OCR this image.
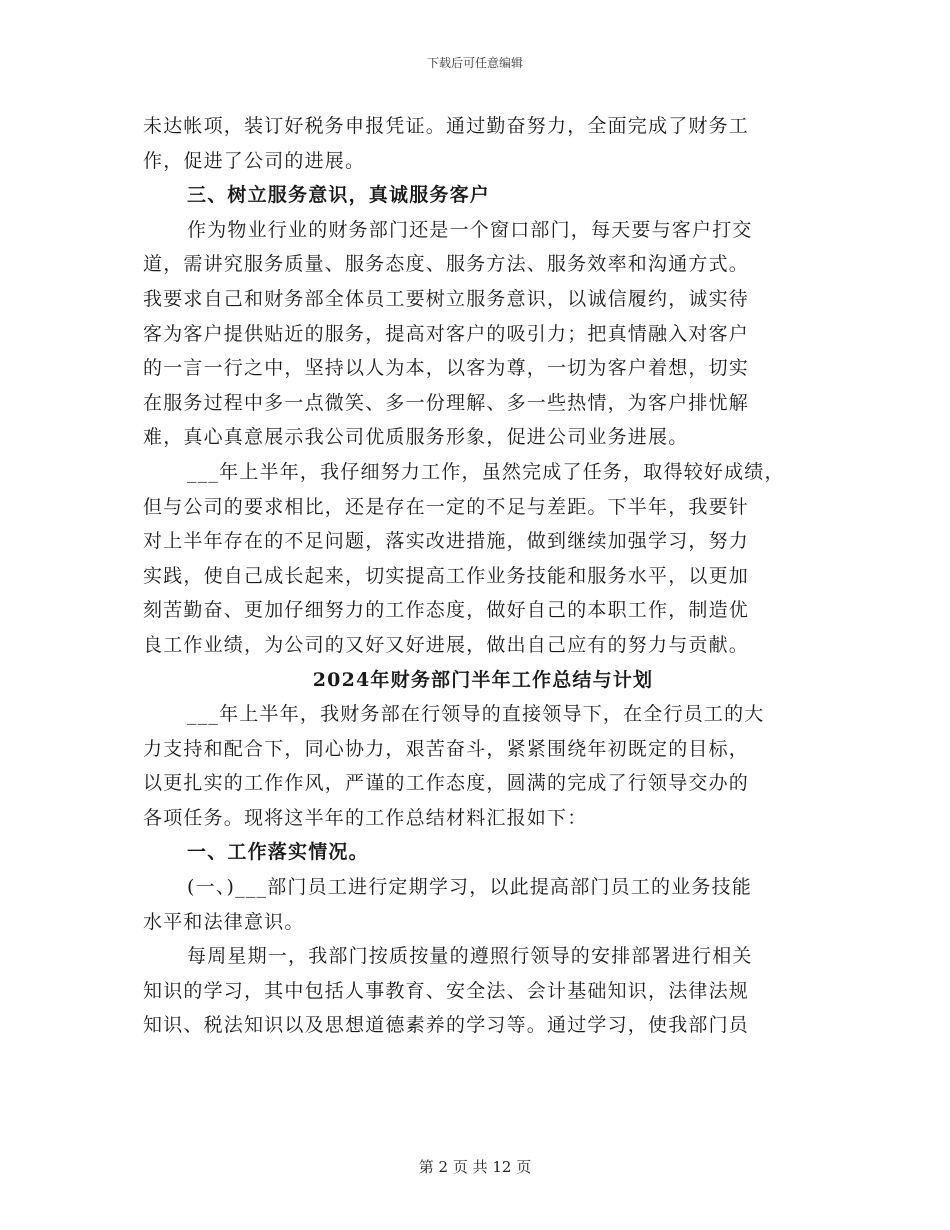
下载后可任意编辑
未达帐项，装订好税务申报凭证。通过勤奋努力，全面完成了财务工
作，促进了公司的进展。
三、树立服务意识，真诚服务客户
作为物业行业的财务部门还是一个窗口部门，每天要与客户打交
道，需讲究服务质量、服务态度、服务方法、服务效率和沟通方式。
我要求自己和财务部全体员工要树立服务意识，以诚信履约，诚实待
客为客户提供贴近的服务，提高对客户的吸引力；把真情融入对客户
的一言一行之中，坚持以人为本，以客为尊，一切为客户着想，切实
在服务过程中多一点微笑、多一份理解、多一些热情，为客户排忧解
难，真心真意展示我公司优质服务形象，促进公司业务进展。
___年上半年，我仔细努力工作，虽然完成了任务，取得较好成绩，
但与公司的要求相比，还是存在一定的不足与差距。下半年，我要针
对上半年存在的不足问题，落实改进措施，做到继续加强学习，努力
实践，使自己成长起来，切实提高工作业务技能和服务水平，以更加
刻苦勤奋、更加仔细努力的工作态度，做好自己的本职工作，制造优
良工作业绩，为公司的又好又好进展，做出自己应有的努力与贡献。
2024年财务部门半年工作总结与计划
___年上半年，我财务部在行领导的直接领导下，在全行员工的大
力支持和配合下，同心协力，艰苦奋斗，紧紧围绕年初既定的目标，
以更扎实的工作作风，严谨的工作态度，圆满的完成了行领导交办的
各项任务。现将这半年的工作总结材料汇报如下：
一、工作落实情况。
(一、)___部门员工进行定期学习，以此提高部门员工的业务技能
水平和法律意识。
每周星期一，我部门按质按量的遵照行领导的安排部署进行相关
知识的学习，其中包括人事教育、安全法、会计基础知识，法律法规
知识、税法知识以及思想道德素养的学习等。通过学习，使我部门员
第 2 页 共 12 页
